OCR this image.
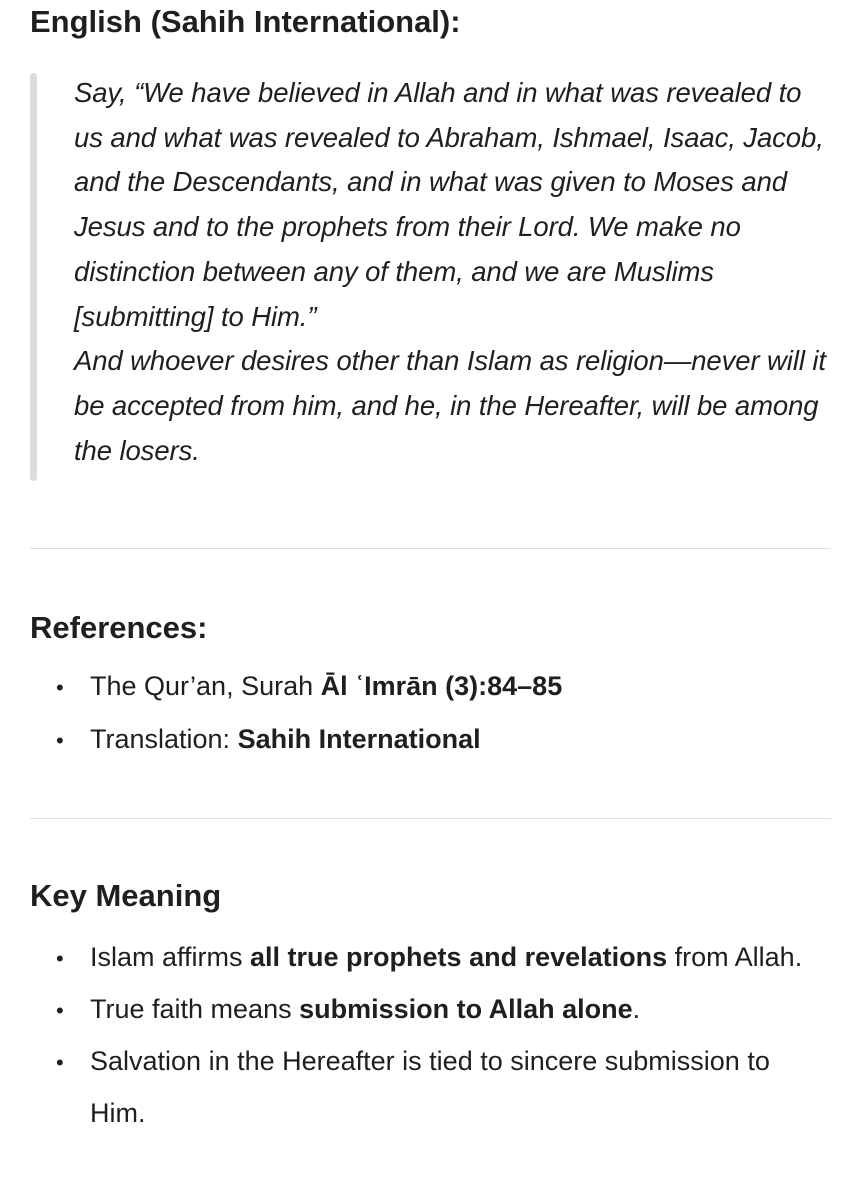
English (Sahih International):

Say, “We have believed in Allah and in what was revealed to us and what was revealed to Abraham, Ishmael, Isaac, Jacob, and the Descendants, and in what was given to Moses and Jesus and to the prophets from their Lord. We make no distinction between any of them, and we are Muslims [submitting] to Him.”

And whoever desires other than Islam as religion—never will it be accepted from him, and he, in the Hereafter, will be among the losers.

References:
• The Qur’an, Surah Āl ʿImrān (3):84–85
• Translation: Sahih International
Key Meaning
• Islam affirms all true prophets and revelations from Allah.
• True faith means submission to Allah alone.
• Salvation in the Hereafter is tied to sincere submission to Him.
